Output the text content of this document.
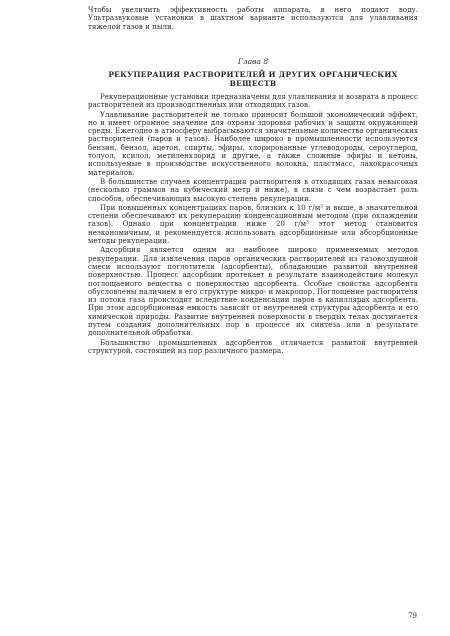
Чтобы увеличить эффективность работы аппарата, в него подают воду. Ультразвуковые установки в шахтном варианте используются для улавливания тяжелой газов и пыли.

Глава 8
РЕКУПЕРАЦИЯ РАСТВОРИТЕЛЕЙ И ДРУГИХ ОРГАНИЧЕСКИХ ВЕЩЕСТВ

Рекуперационные установки предназначены для улавливания и возврата в процесс растворителей из производственных или отходящих газов.

Улавливание растворителей не только приносит большой экономический эффект, но и имеет огромное значение для охраны здоровья рабочих и защиты окружающей среды. Ежегодно в атмосферу выбрасываются значительные количества органических растворителей (паров и газов). Наиболее широко в промышленности используются бензин, бензол, ацетон, спирты, эфиры, хлорированные углеводороды, сероуглерод, толуол, ксилол, метиленхлорид и другие, а также сложные эфиры и кетоны, используемые в производстве искусственного волокна, пластмасс, лакокрасочных материалов.

В большинстве случаев концентрация растворителя в отходящих газах невысокая (несколько граммов на кубический метр и ниже), в связи с чем возрастает роль способов, обеспечивающих высокую степень рекуперации.

При повышенных концентрациях паров, близких к 10 г/м³ и выше, в значительной степени обеспечивают их рекуперацию конденсационным методом (при охлаждении газов). Однако при концентрации ниже 20 г/м³ этот метод становится неэкономичным, и рекомендуется использовать адсорбционные или абсорбционные методы рекуперации.

Адсорбция является одним из наиболее широко применяемых методов рекуперации. Для извлечения паров органических растворителей из газовоздушной смеси используют поглотители (адсорбенты), обладающие развитой внутренней поверхностью. Процесс адсорбции протекает в результате взаимодействия молекул поглощаемого вещества с поверхностью адсорбента. Особые свойства адсорбента обусловлены наличием в его структуре микро- и макропор. Поглощение растворителя из потока газа происходит вследствие конденсации паров в капиллярах адсорбента. При этом адсорбционная емкость зависит от внутренней структуры адсорбента и его химической природы. Развитие внутренней поверхности в твердых телах достигается путем создания дополнительных пор в процессе их синтеза или в результате дополнительной обработки.

Большинство промышленных адсорбентов отличается развитой внутренней структурой, состоящей из пор различного размера.

79
